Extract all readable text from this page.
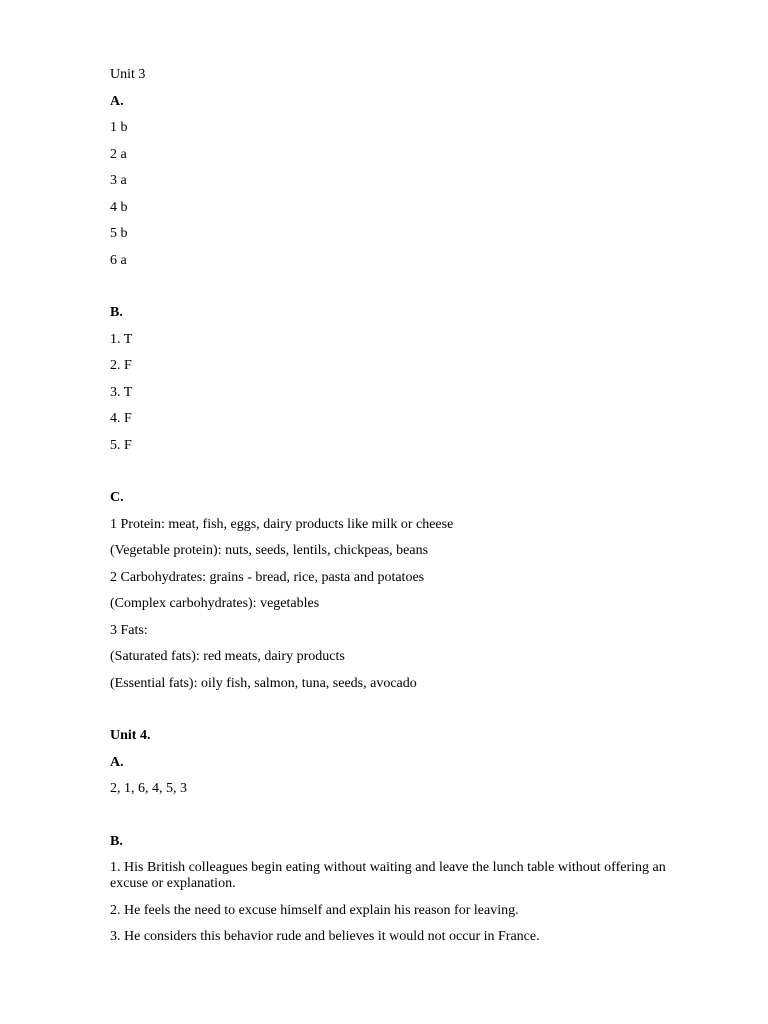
Unit 3
A.
1 b
2 a
3 a
4 b
5 b
6 a
B.
1. T
2. F
3. T
4. F
5. F
C.
1 Protein: meat, fish, eggs, dairy products like milk or cheese
(Vegetable protein): nuts, seeds, lentils, chickpeas, beans
2 Carbohydrates: grains - bread, rice, pasta and potatoes
(Complex carbohydrates): vegetables
3 Fats:
(Saturated fats): red meats, dairy products
(Essential fats): oily fish, salmon, tuna, seeds, avocado
Unit 4.
A.
2, 1, 6, 4, 5, 3
B.
1. His British colleagues begin eating without waiting and leave the lunch table without offering an excuse or explanation.
2. He feels the need to excuse himself and explain his reason for leaving.
3. He considers this behavior rude and believes it would not occur in France.
